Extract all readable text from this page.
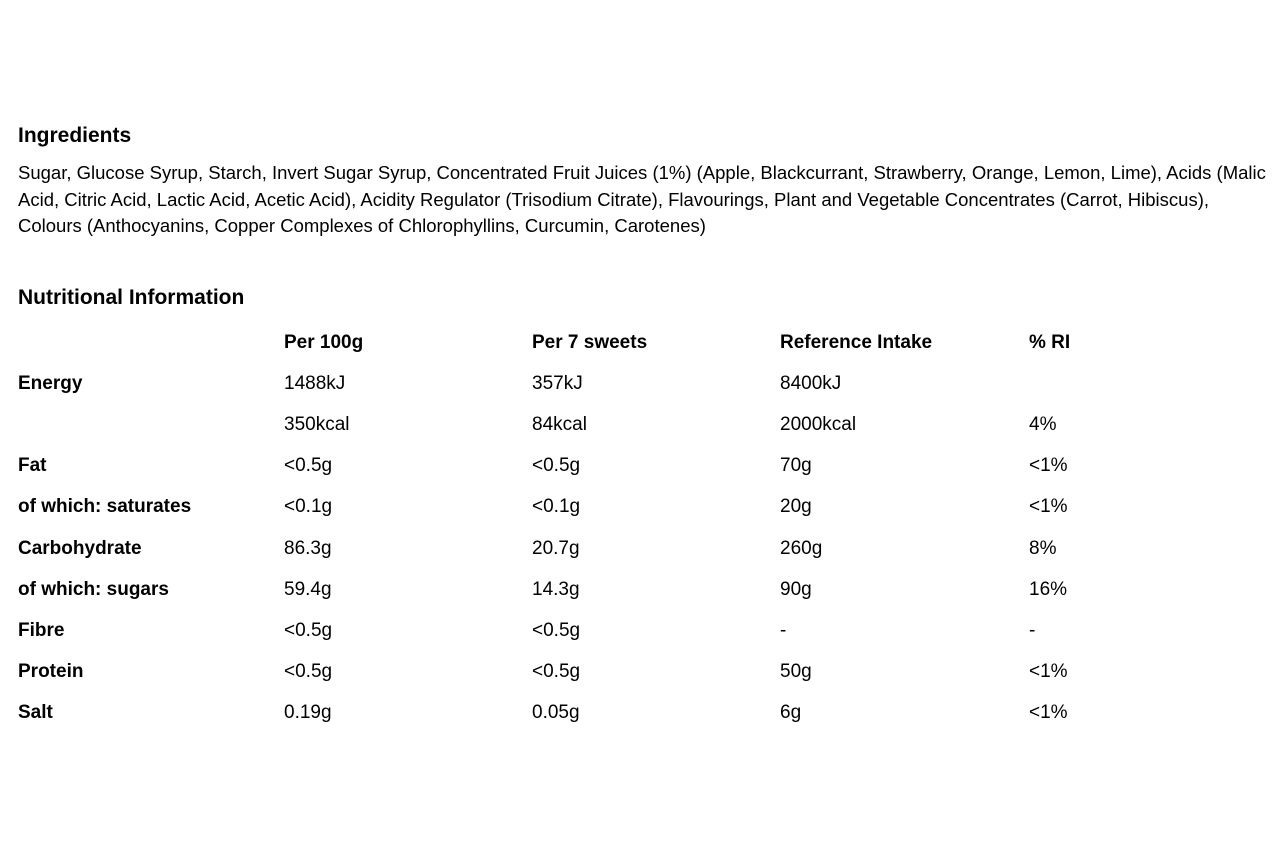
Ingredients

Sugar, Glucose Syrup, Starch, Invert Sugar Syrup, Concentrated Fruit Juices (1%) (Apple, Blackcurrant, Strawberry, Orange, Lemon, Lime), Acids (Malic Acid, Citric Acid, Lactic Acid, Acetic Acid), Acidity Regulator (Trisodium Citrate), Flavourings, Plant and Vegetable Concentrates (Carrot, Hibiscus), Colours (Anthocyanins, Copper Complexes of Chlorophyllins, Curcumin, Carotenes)

Nutritional Information
	Per 100g	Per 7 sweets	Reference Intake	% RI
Energy	1488kJ	357kJ	8400kJ	
	350kcal	84kcal	2000kcal	4%
Fat	<0.5g	<0.5g	70g	<1%
of which: saturates	<0.1g	<0.1g	20g	<1%
Carbohydrate	86.3g	20.7g	260g	8%
of which: sugars	59.4g	14.3g	90g	16%
Fibre	<0.5g	<0.5g	-	-
Protein	<0.5g	<0.5g	50g	<1%
Salt	0.19g	0.05g	6g	<1%
